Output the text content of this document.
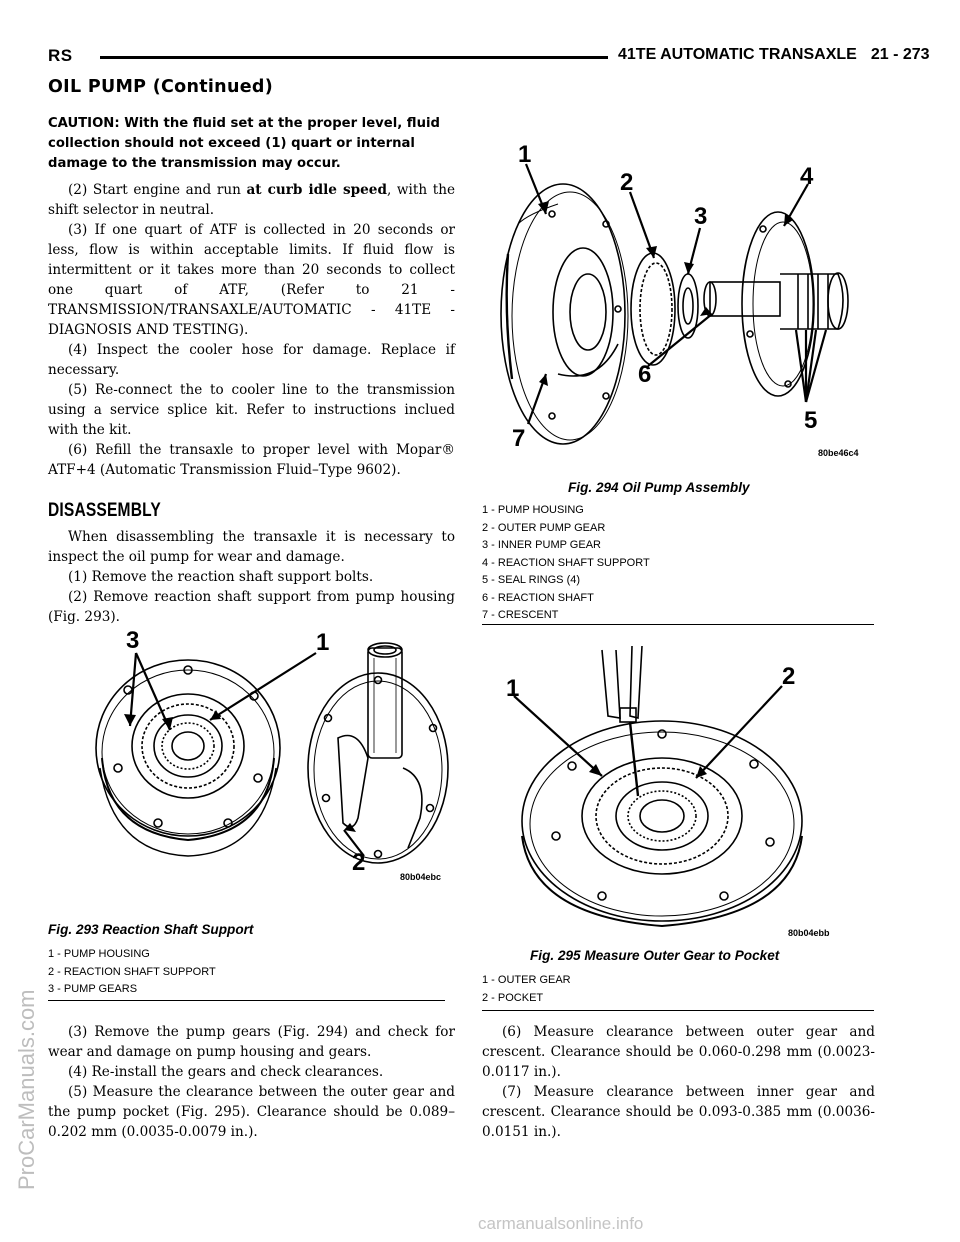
RS	41TE AUTOMATIC TRANSAXLE 21 - 273
OIL PUMP (Continued)
CAUTION: With the fluid set at the proper level, fluid collection should not exceed (1) quart or internal damage to the transmission may occur.

(2) Start engine and run at curb idle speed, with the shift selector in neutral.

(3) If one quart of ATF is collected in 20 seconds or less, flow is within acceptable limits. If fluid flow is intermittent or it takes more than 20 seconds to collect one quart of ATF, (Refer to 21 - TRANSMISSION/TRANSAXLE/AUTOMATIC - 41TE - DIAGNOSIS AND TESTING).

(4) Inspect the cooler hose for damage. Replace if necessary.

(5) Re-connect the to cooler line to the transmission using a service splice kit. Refer to instructions inclued with the kit.

(6) Refill the transaxle to proper level with Mopar® ATF+4 (Automatic Transmission Fluid–Type 9602).

DISASSEMBLY

When disassembling the transaxle it is necessary to inspect the oil pump for wear and damage.

(1) Remove the reaction shaft support bolts.

(2) Remove reaction shaft support from pump housing (Fig. 293).

3	1
2
80b04ebc
Fig. 293 Reaction Shaft Support
1 - PUMP HOUSING
2 - REACTION SHAFT SUPPORT
3 - PUMP GEARS

(3) Remove the pump gears (Fig. 294) and check for wear and damage on pump housing and gears.

(4) Re-install the gears and check clearances.

(5) Measure the clearance between the outer gear and the pump pocket (Fig. 295). Clearance should be 0.089–0.202 mm (0.0035-0.0079 in.).

1
2
3
4
5
6
7
80be46c4
Fig. 294 Oil Pump Assembly
1 - PUMP HOUSING
2 - OUTER PUMP GEAR
3 - INNER PUMP GEAR
4 - REACTION SHAFT SUPPORT
5 - SEAL RINGS (4)
6 - REACTION SHAFT
7 - CRESCENT
1	2
80b04ebb
Fig. 295 Measure Outer Gear to Pocket
1 - OUTER GEAR
2 - POCKET

(6) Measure clearance between outer gear and crescent. Clearance should be 0.060-0.298 mm (0.0023-0.0117 in.).

(7) Measure clearance between inner gear and crescent. Clearance should be 0.093-0.385 mm (0.0036-0.0151 in.).

ProCarManuals.com
carmanualsonline.info
